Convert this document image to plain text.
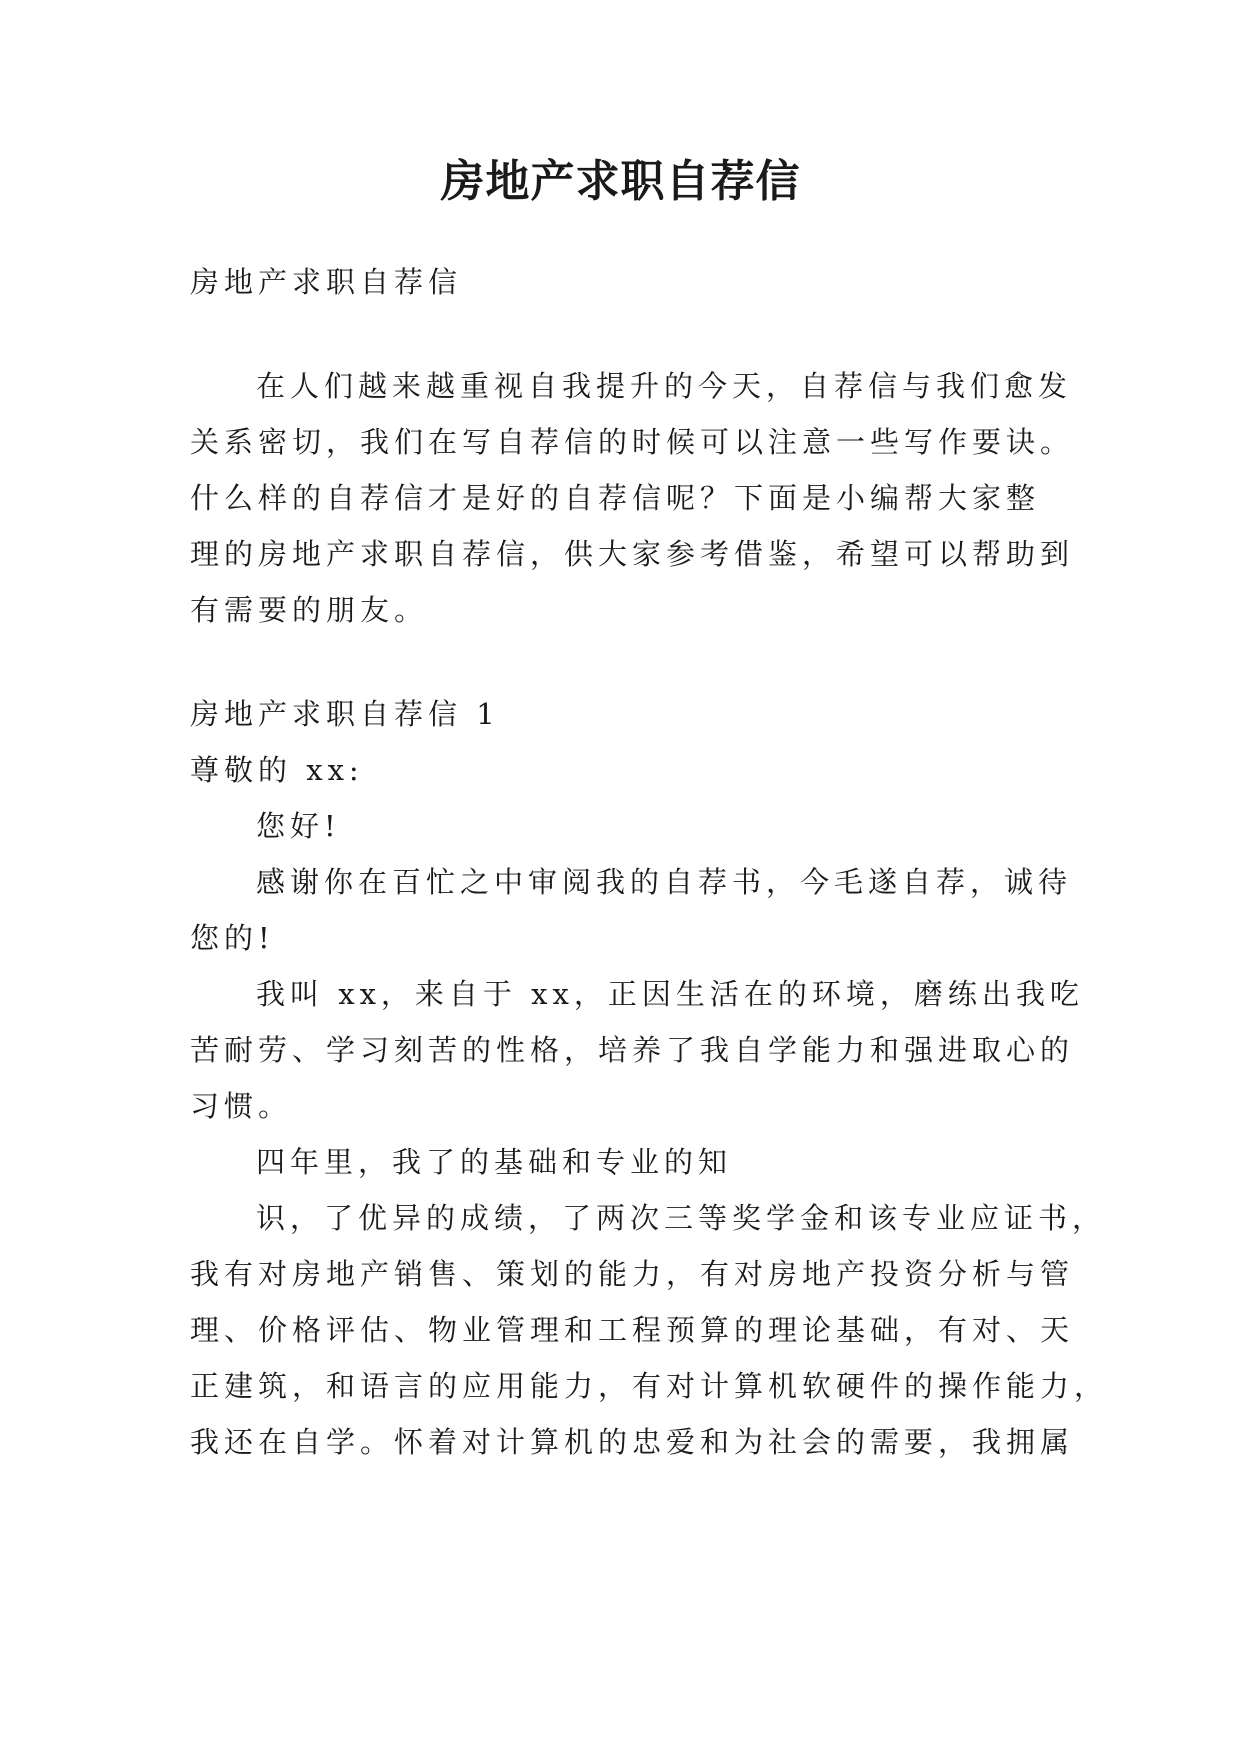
房地产求职自荐信
房地产求职自荐信
在人们越来越重视自我提升的今天，自荐信与我们愈发
关系密切，我们在写自荐信的时候可以注意一些写作要诀。
什么样的自荐信才是好的自荐信呢？下面是小编帮大家整
理的房地产求职自荐信，供大家参考借鉴，希望可以帮助到
有需要的朋友。
房地产求职自荐信 1
尊敬的 xx:
您好!
感谢你在百忙之中审阅我的自荐书，今毛遂自荐，诚待
您的!
我叫 xx，来自于 xx，正因生活在的环境，磨练出我吃
苦耐劳、学习刻苦的性格，培养了我自学能力和强进取心的
习惯。
四年里，我了的基础和专业的知
识，了优异的成绩，了两次三等奖学金和该专业应证书，
我有对房地产销售、策划的能力，有对房地产投资分析与管
理、价格评估、物业管理和工程预算的理论基础，有对、天
正建筑，和语言的应用能力，有对计算机软硬件的操作能力，
我还在自学。怀着对计算机的忠爱和为社会的需要，我拥属
